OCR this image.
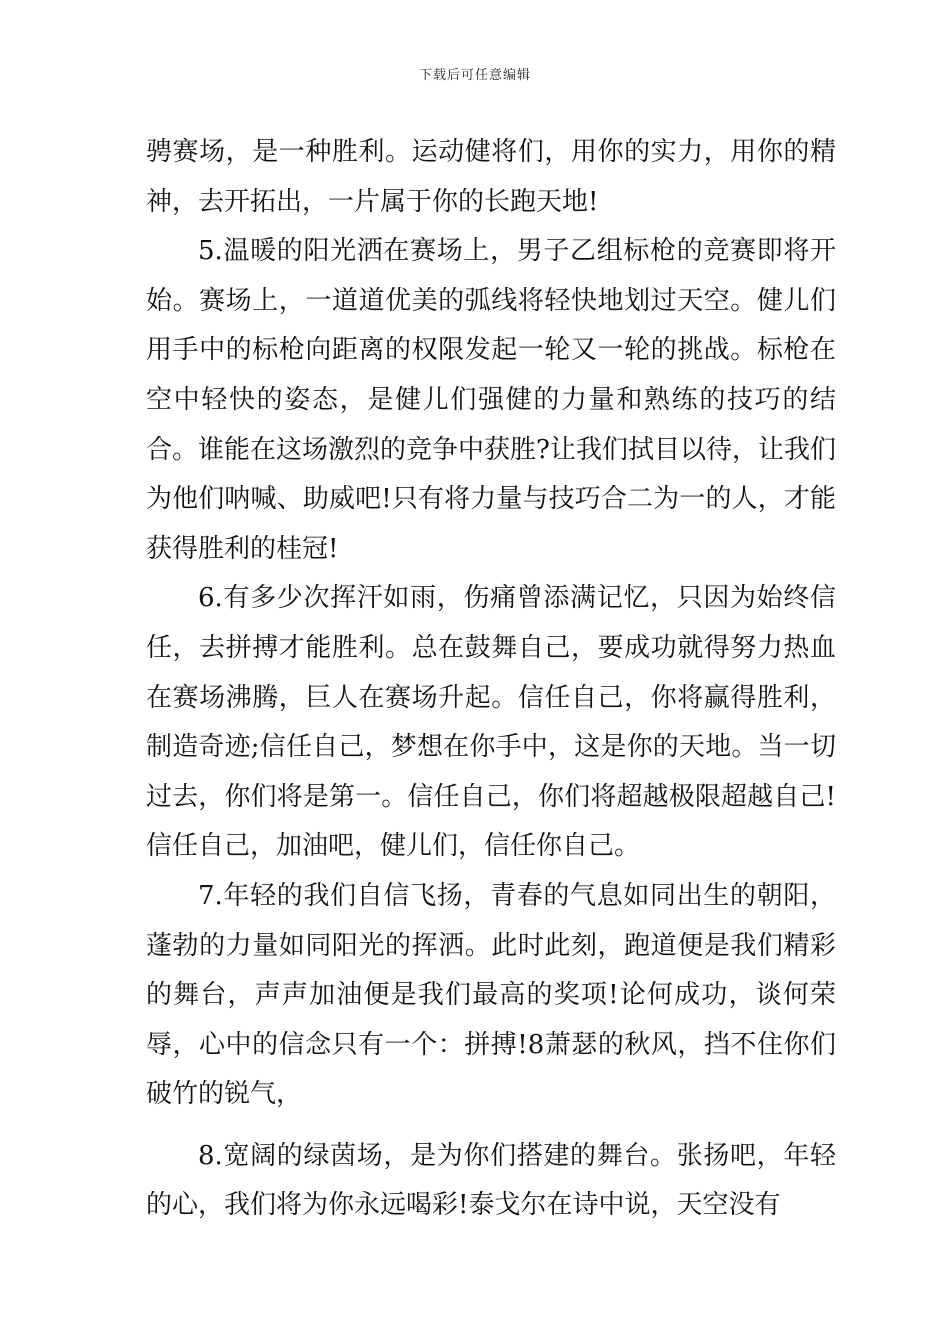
下载后可任意编辑

骋赛场，是一种胜利。运动健将们，用你的实力，用你的精神，去开拓出，一片属于你的长跑天地!

5.温暖的阳光洒在赛场上，男子乙组标枪的竞赛即将开始。赛场上，一道道优美的弧线将轻快地划过天空。健儿们用手中的标枪向距离的权限发起一轮又一轮的挑战。标枪在空中轻快的姿态，是健儿们强健的力量和熟练的技巧的结合。谁能在这场激烈的竞争中获胜?让我们拭目以待，让我们为他们呐喊、助威吧!只有将力量与技巧合二为一的人，才能获得胜利的桂冠!

6.有多少次挥汗如雨，伤痛曾添满记忆，只因为始终信任，去拼搏才能胜利。总在鼓舞自己，要成功就得努力热血在赛场沸腾，巨人在赛场升起。信任自己，你将赢得胜利，制造奇迹;信任自己，梦想在你手中，这是你的天地。当一切过去，你们将是第一。信任自己，你们将超越极限超越自己!信任自己，加油吧，健儿们，信任你自己。

7.年轻的我们自信飞扬，青春的气息如同出生的朝阳，蓬勃的力量如同阳光的挥洒。此时此刻，跑道便是我们精彩的舞台，声声加油便是我们最高的奖项!论何成功，谈何荣辱，心中的信念只有一个：拼搏!8萧瑟的秋风，挡不住你们破竹的锐气，

8.宽阔的绿茵场，是为你们搭建的舞台。张扬吧，年轻的心，我们将为你永远喝彩!泰戈尔在诗中说，天空没有
